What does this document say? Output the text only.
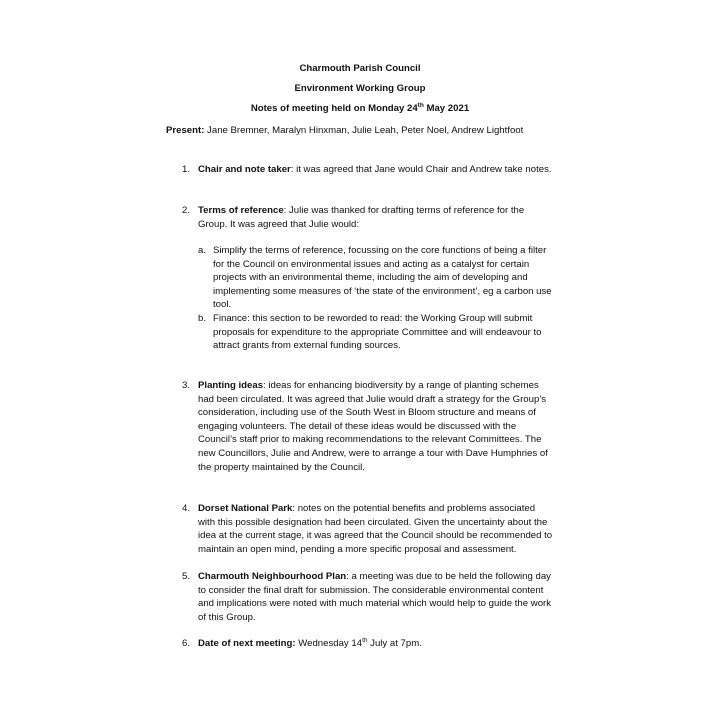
Charmouth Parish Council
Environment Working Group
Notes of meeting held on Monday 24th May 2021
Present: Jane Bremner, Maralyn Hinxman, Julie Leah, Peter Noel, Andrew Lightfoot
1. Chair and note taker: it was agreed that Jane would Chair and Andrew take notes.
2. Terms of reference: Julie was thanked for drafting terms of reference for the Group. It was agreed that Julie would:
a. Simplify the terms of reference, focussing on the core functions of being a filter for the Council on environmental issues and acting as a catalyst for certain projects with an environmental theme, including the aim of developing and implementing some measures of ‘the state of the environment’, eg a carbon use tool.
b. Finance: this section to be reworded to read: the Working Group will submit proposals for expenditure to the appropriate Committee and will endeavour to attract grants from external funding sources.
3. Planting ideas: ideas for enhancing biodiversity by a range of planting schemes had been circulated. It was agreed that Julie would draft a strategy for the Group’s consideration, including use of the South West in Bloom structure and means of engaging volunteers. The detail of these ideas would be discussed with the Council’s staff prior to making recommendations to the relevant Committees. The new Councillors, Julie and Andrew, were to arrange a tour with Dave Humphries of the property maintained by the Council.
4. Dorset National Park: notes on the potential benefits and problems associated with this possible designation had been circulated. Given the uncertainty about the idea at the current stage, it was agreed that the Council should be recommended to maintain an open mind, pending a more specific proposal and assessment.
5. Charmouth Neighbourhood Plan: a meeting was due to be held the following day to consider the final draft for submission. The considerable environmental content and implications were noted with much material which would help to guide the work of this Group.
6. Date of next meeting: Wednesday 14th July at 7pm.
